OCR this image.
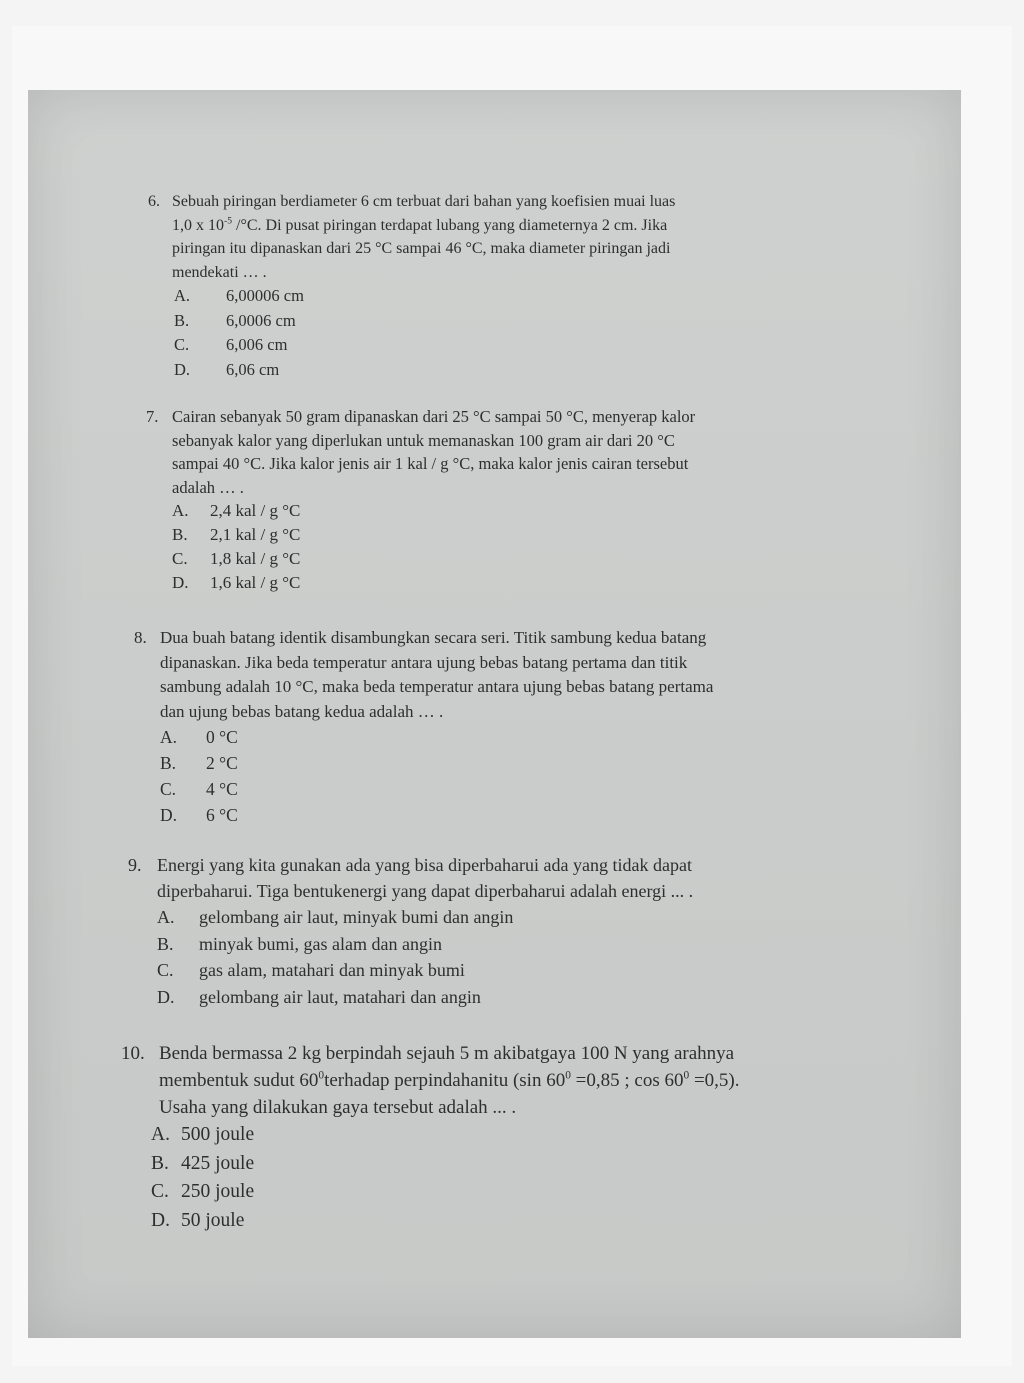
6. Sebuah piringan berdiameter 6 cm terbuat dari bahan yang koefisien muai luas

1,0 x $10^{-5}$ /°C. Di pusat piringan terdapat lubang yang diameternya 2 cm. Jika

piringan itu dipanaskan dari 25 °C sampai 46 °C, maka diameter piringan jadi

mendekati … .

A.	6,00006 cm
B.	6,0006 cm
C.	6,006 cm
D.	6,06 cm
7. Cairan sebanyak 50 gram dipanaskan dari 25 °C sampai 50 °C, menyerap kalor

sebanyak kalor yang diperlukan untuk memanaskan 100 gram air dari 20 °C

sampai 40 °C. Jika kalor jenis air 1 kal / g °C, maka kalor jenis cairan tersebut

adalah … .

A.	2,4 kal / g °C
B.	2,1 kal / g °C
C.	1,8 kal / g °C
D.	1,6 kal / g °C
8. Dua buah batang identik disambungkan secara seri. Titik sambung kedua batang

dipanaskan. Jika beda temperatur antara ujung bebas batang pertama dan titik

sambung adalah 10 °C, maka beda temperatur antara ujung bebas batang pertama

dan ujung bebas batang kedua adalah … .

A.	0 °C
B.	2 °C
C.	4 °C
D.	6 °C
9. Energi yang kita gunakan ada yang bisa diperbaharui ada yang tidak dapat

diperbaharui. Tiga bentukenergi yang dapat diperbaharui adalah energi ... .

A.	gelombang air laut, minyak bumi dan angin
B.	minyak bumi, gas alam dan angin
C.	gas alam, matahari dan minyak bumi
D.	gelombang air laut, matahari dan angin
10. Benda bermassa 2 kg berpindah sejauh 5 m akibatgaya 100 N yang arahnya

membentuk sudut $60^0terhadap$ perpindahanitu (sin $60^0 =0,85$ ; $\cos 60^0 =0,5$).

Usaha yang dilakukan gaya tersebut adalah ... .

A. 500 joule
B. 425 joule
C. 250 joule
D. 50 joule
